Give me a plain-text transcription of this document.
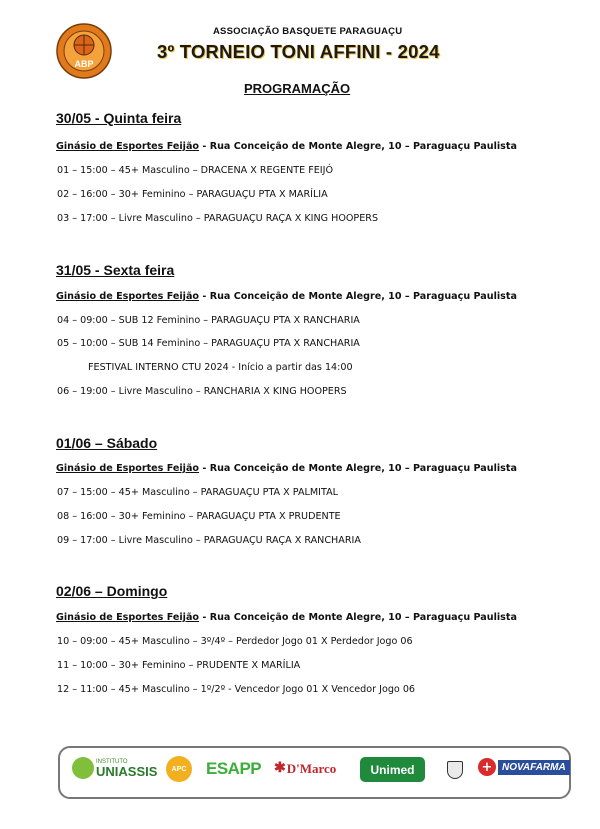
ABP
ASSOCIAÇÃO BASQUETE PARAGUAÇU
3º TORNEIO TONI AFFINI - 2024
PROGRAMAÇÃO
30/05 - Quinta feira
Ginásio de Esportes Feijão - Rua Conceição de Monte Alegre, 10 – Paraguaçu Paulista
01 – 15:00 – 45+ Masculino – DRACENA X REGENTE FEIJÓ
02 – 16:00 – 30+ Feminino – PARAGUAÇU PTA X MARÍLIA
03 – 17:00 – Livre Masculino – PARAGUAÇU RAÇA X KING HOOPERS
31/05 - Sexta feira
Ginásio de Esportes Feijão - Rua Conceição de Monte Alegre, 10 – Paraguaçu Paulista
04 – 09:00 – SUB 12 Feminino – PARAGUAÇU PTA X RANCHARIA
05 – 10:00 – SUB 14 Feminino – PARAGUAÇU PTA X RANCHARIA
FESTIVAL INTERNO CTU 2024 - Início a partir das 14:00
06 – 19:00 – Livre Masculino – RANCHARIA X KING HOOPERS
01/06 – Sábado
Ginásio de Esportes Feijão - Rua Conceição de Monte Alegre, 10 – Paraguaçu Paulista
07 – 15:00 – 45+ Masculino – PARAGUAÇU PTA X PALMITAL
08 – 16:00 – 30+ Feminino – PARAGUAÇU PTA X PRUDENTE
09 – 17:00 – Livre Masculino – PARAGUAÇU RAÇA X RANCHARIA
02/06 – Domingo
Ginásio de Esportes Feijão - Rua Conceição de Monte Alegre, 10 – Paraguaçu Paulista
10 – 09:00 – 45+ Masculino – 3º/4º – Perdedor Jogo 01 X Perdedor Jogo 06
11 – 10:00 – 30+ Feminino – PRUDENTE X MARÍLIA
12 – 11:00 – 45+ Masculino – 1º/2º - Vencedor Jogo 01 X Vencedor Jogo 06
INSTITUTO
UNIASSIS APC ESAPP ✱ D'Marco	Unimed	+ NOVAFARMA
